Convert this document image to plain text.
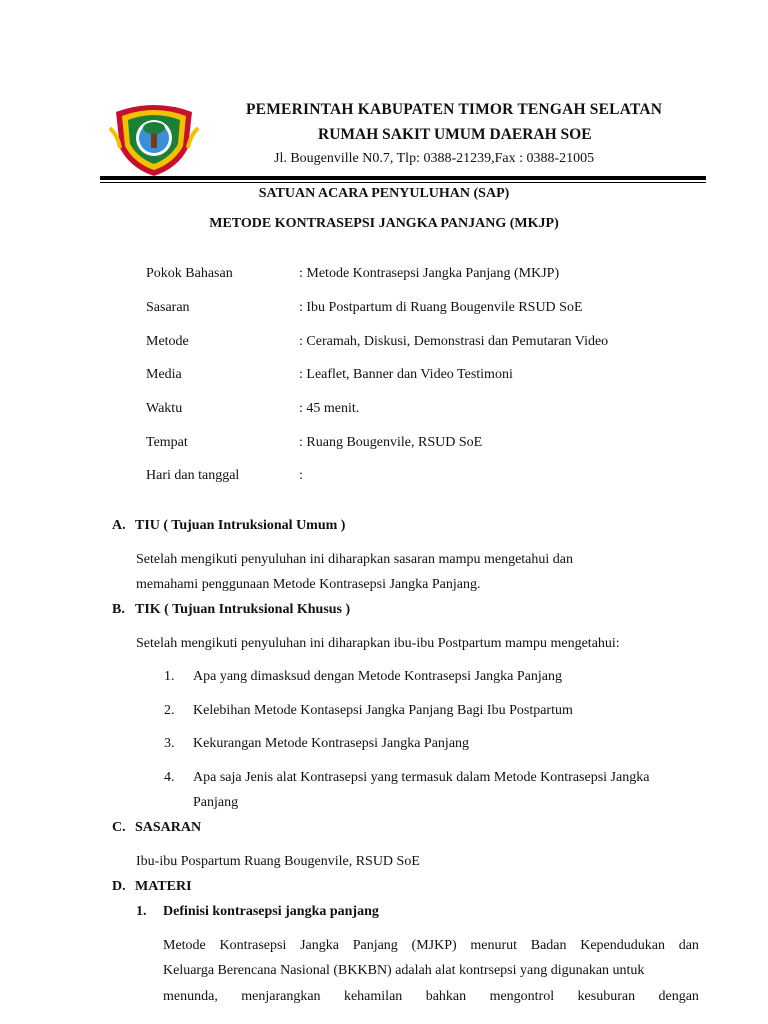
PEMERINTAH KABUPATEN TIMOR TENGAH SELATAN
RUMAH SAKIT UMUM DAERAH SOE
Jl. Bougenville N0.7, Tlp: 0388-21239,Fax : 0388-21005
SATUAN ACARA PENYULUHAN (SAP)
METODE KONTRASEPSI JANGKA PANJANG (MKJP)
Pokok Bahasan	: Metode Kontrasepsi Jangka Panjang (MKJP)
Sasaran	: Ibu Postpartum di Ruang Bougenvile RSUD SoE
Metode	: Ceramah, Diskusi, Demonstrasi dan Pemutaran Video
Media	: Leaflet, Banner dan Video Testimoni
Waktu	: 45 menit.
Tempat	: Ruang Bougenvile, RSUD SoE
Hari dan tanggal	:
A. TIU ( Tujuan Intruksional Umum )
Setelah mengikuti penyuluhan ini diharapkan sasaran mampu mengetahui dan
memahami penggunaan Metode Kontrasepsi Jangka Panjang.
B. TIK ( Tujuan Intruksional Khusus )
Setelah mengikuti penyuluhan ini diharapkan ibu-ibu Postpartum mampu mengetahui:
1. Apa yang dimasksud dengan Metode Kontrasepsi Jangka Panjang
2. Kelebihan Metode Kontasepsi Jangka Panjang Bagi Ibu Postpartum
3. Kekurangan Metode Kontrasepsi Jangka Panjang
4. Apa saja Jenis alat Kontrasepsi yang termasuk dalam Metode Kontrasepsi Jangka
Panjang
C. SASARAN
Ibu-ibu Pospartum Ruang Bougenvile, RSUD SoE
D. MATERI
1. Definisi kontrasepsi jangka panjang
Metode Kontrasepsi Jangka Panjang (MJKP) menurut Badan Kependudukan dan
Keluarga Berencana Nasional (BKKBN) adalah alat kontrsepsi yang digunakan untuk
menunda, menjarangkan kehamilan bahkan mengontrol kesuburan dengan
